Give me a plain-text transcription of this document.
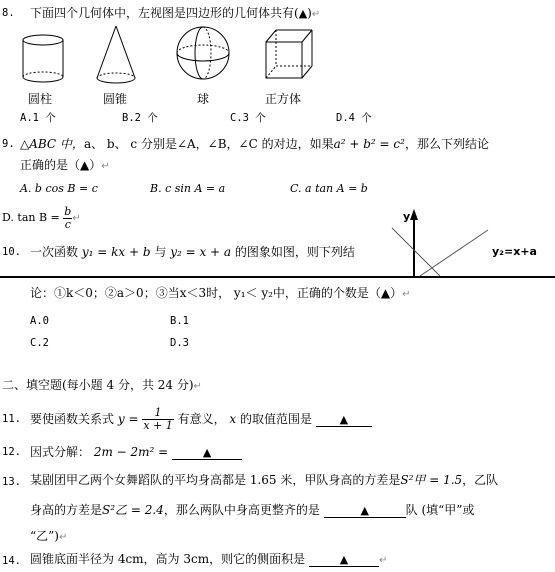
8. 下面四个几何体中，左视图是四边形的几何体共有(▲)↵
圆柱	圆锥	球	正方体
A.1 个	B.2 个	C.3 个	D.4 个
9. △ABC 中，a、 b、 c 分别是∠A，∠B，∠C 的对边，如果a² + b² = c²，那么下列结论
正确的是（▲）↵
A. b cos B = c	B. c sin A = a	C. a tan A = b
D. $\tan B = \frac{b}{c}$ ↵
10. 一次函数 y₁ = kx + b 与 y₂ = x + a 的图象如图，则下列结
y
y₂=x+a
论：①k＜0；②a＞0；③当x＜3时， y₁＜ y₂中，正确的个数是（▲）↵
A.0	B.1
C.2	D.3
二、填空题(每小题 4 分，共 24 分)↵
11. 要使函数关系式 $y = \frac{1}{x + 1}$ 有意义， x 的取值范围是	▲
12. 因式分解： 2m − 2m² =	▲
13. 某剧团甲乙两个女舞蹈队的平均身高都是 1.65 米，甲队身高的方差是S²甲 = 1.5，乙队
身高的方差是S²乙 = 2.4，那么两队中身高更整齐的是	▲	队 (填“甲”或
“乙”)↵
14. 圆锥底面半径为 4cm，高为 3cm，则它的侧面积是	▲	↵
